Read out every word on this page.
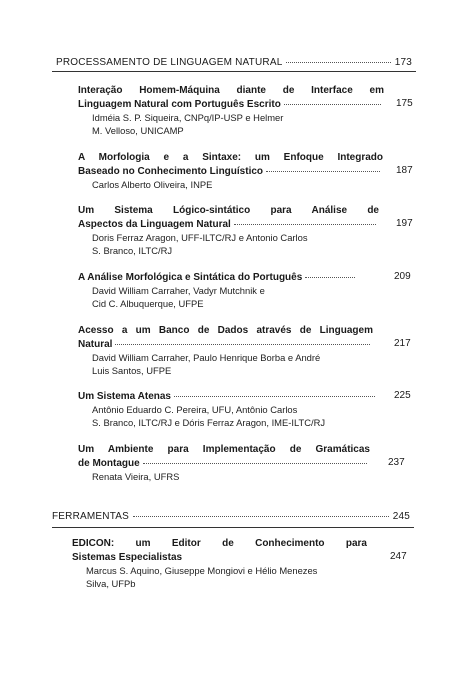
PROCESSAMENTO DE LINGUAGEM NATURAL	173
Interação Homem-Máquina diante de Interface em
Linguagem Natural com Português Escrito
Idméia S. P. Siqueira, CNPq/IP-USP e Helmer
M. Velloso, UNICAMP
175
A Morfologia e a Sintaxe: um Enfoque Integrado
Baseado no Conhecimento Linguístico
Carlos Alberto Oliveira, INPE
187
Um Sistema Lógico-sintático para Análise de
Aspectos da Linguagem Natural
Doris Ferraz Aragon, UFF-ILTC/RJ e Antonio Carlos
S. Branco, ILTC/RJ
197
A Análise Morfológica e Sintática do Português
David William Carraher, Vadyr Mutchnik e
Cid C. Albuquerque, UFPE
209
Acesso a um Banco de Dados através de Linguagem
Natural
David William Carraher, Paulo Henrique Borba e André
Luis Santos, UFPE
217
Um Sistema Atenas
Antônio Eduardo C. Pereira, UFU, Antônio Carlos
S. Branco, ILTC/RJ e Dóris Ferraz Aragon, IME-ILTC/RJ
225
Um Ambiente para Implementação de Gramáticas
de Montague
Renata Vieira, UFRS
237
FERRAMENTAS	245
EDICON: um Editor de Conhecimento para
Sistemas Especialistas
Marcus S. Aquino, Giuseppe Mongiovi e Hélio Menezes
Silva, UFPb
247
